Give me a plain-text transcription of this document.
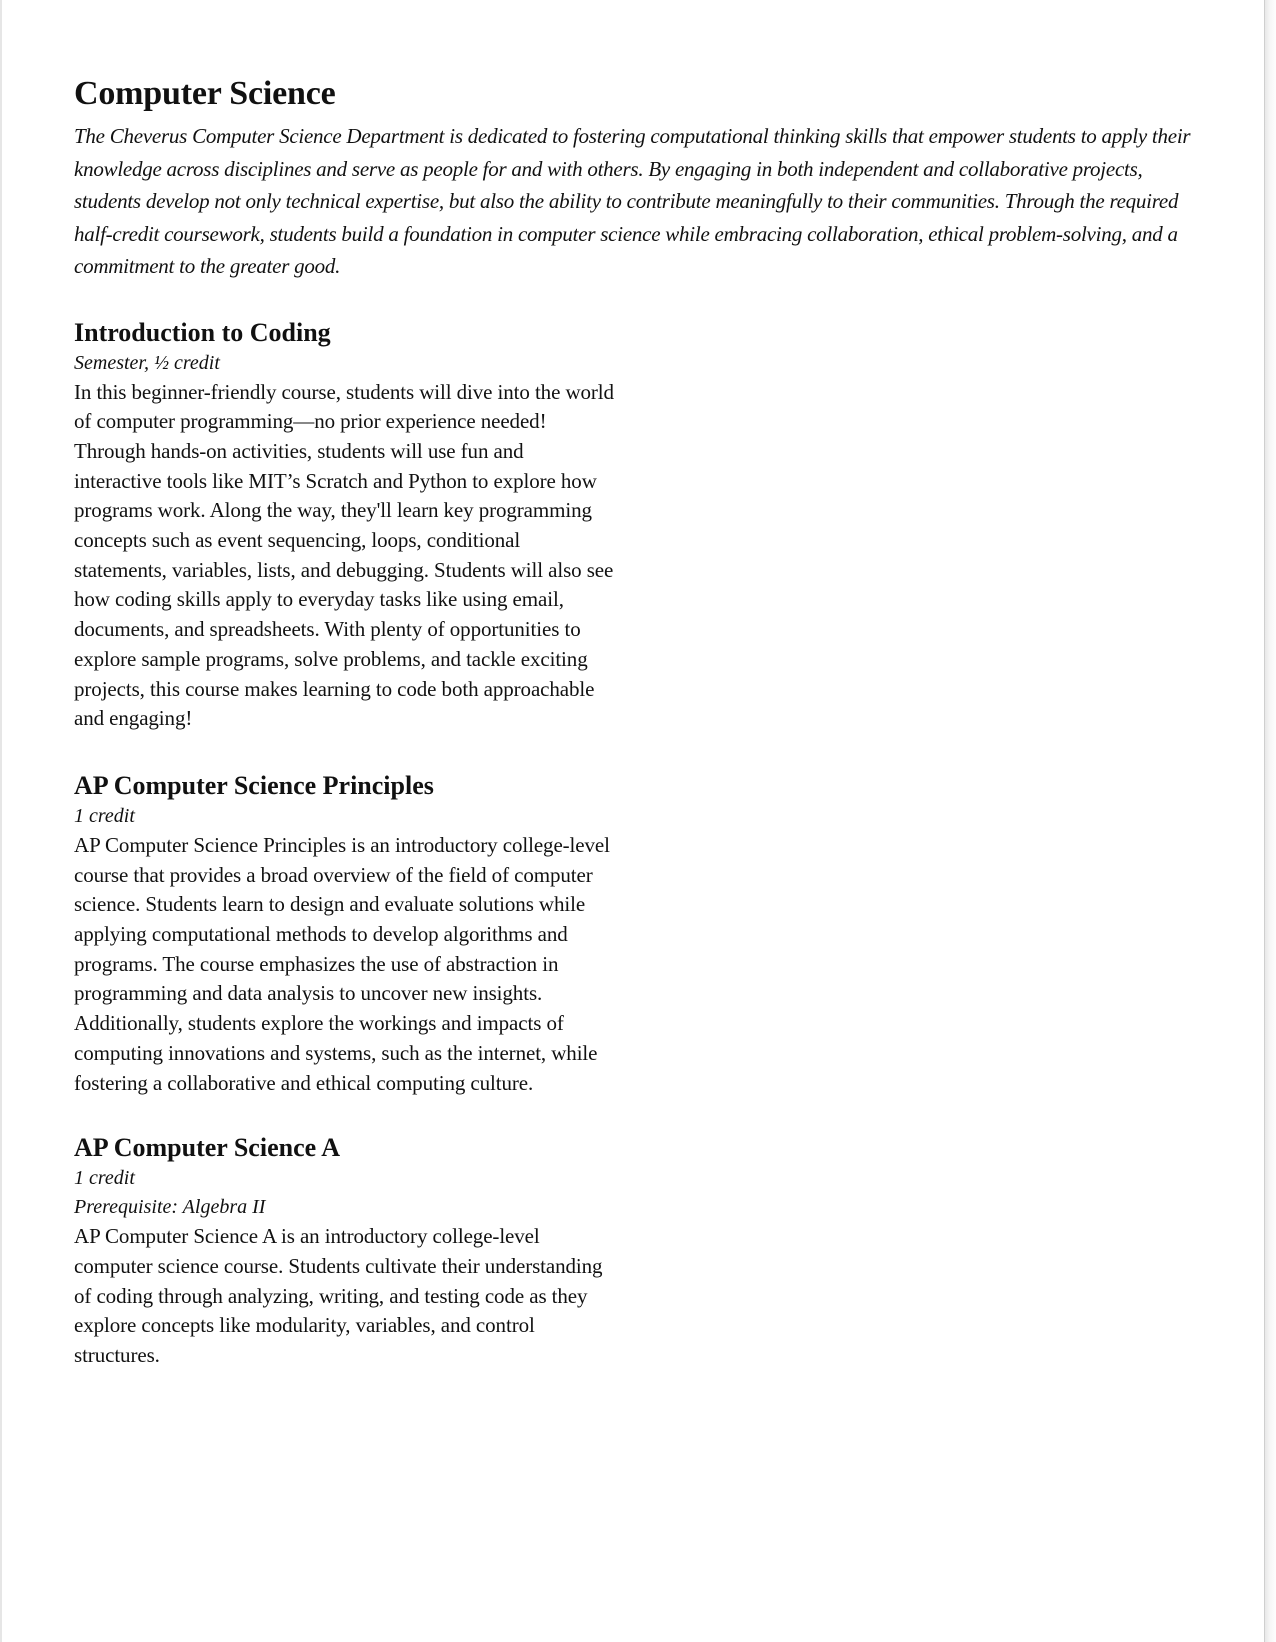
Computer Science

The Cheverus Computer Science Department is dedicated to fostering computational thinking skills that empower students to apply their knowledge across disciplines and serve as people for and with others. By engaging in both independent and collaborative projects, students develop not only technical expertise, but also the ability to contribute meaningfully to their communities. Through the required half-credit coursework, students build a foundation in computer science while embracing collaboration, ethical problem-solving, and a commitment to the greater good.

Introduction to Coding

Semester, ½ credit

In this beginner-friendly course, students will dive into the world of computer programming—no prior experience needed! Through hands-on activities, students will use fun and interactive tools like MIT’s Scratch and Python to explore how programs work. Along the way, they'll learn key programming concepts such as event sequencing, loops, conditional statements, variables, lists, and debugging. Students will also see how coding skills apply to everyday tasks like using email, documents, and spreadsheets. With plenty of opportunities to explore sample programs, solve problems, and tackle exciting projects, this course makes learning to code both approachable and engaging!

AP Computer Science Principles

1 credit

AP Computer Science Principles is an introductory college-level course that provides a broad overview of the field of computer science. Students learn to design and evaluate solutions while applying computational methods to develop algorithms and programs. The course emphasizes the use of abstraction in programming and data analysis to uncover new insights. Additionally, students explore the workings and impacts of computing innovations and systems, such as the internet, while fostering a collaborative and ethical computing culture.

AP Computer Science A

1 credit

Prerequisite: Algebra II

AP Computer Science A is an introductory college-level computer science course. Students cultivate their understanding of coding through analyzing, writing, and testing code as they explore concepts like modularity, variables, and control structures.
